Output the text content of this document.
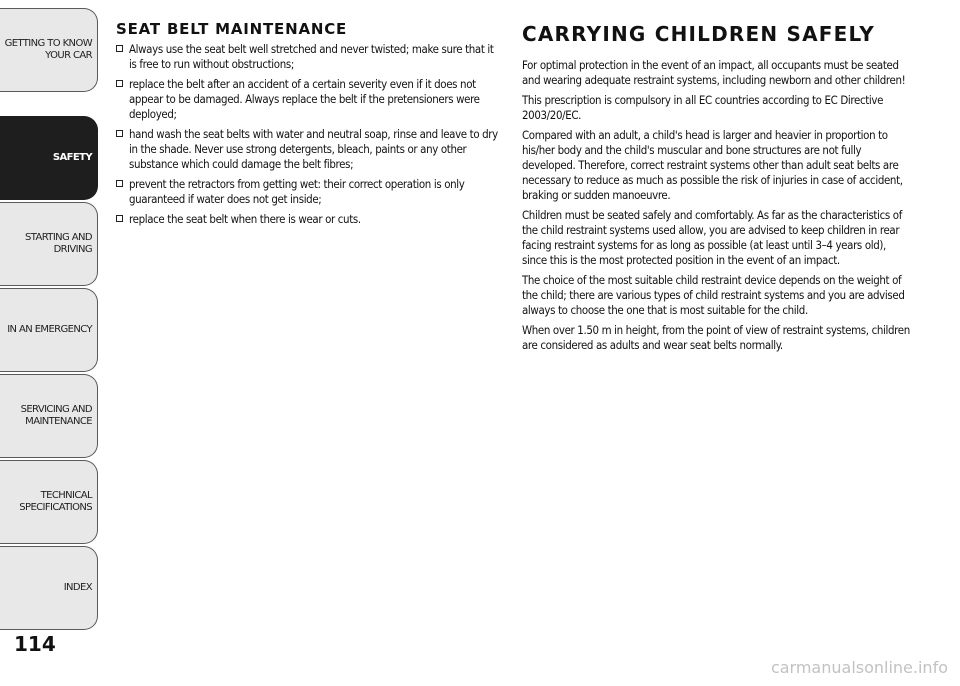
GETTING TO KNOW YOUR CAR
SAFETY
STARTING AND DRIVING
IN AN EMERGENCY
SERVICING AND MAINTENANCE
TECHNICAL SPECIFICATIONS
INDEX
114
SEAT BELT MAINTENANCE
Always use the seat belt well stretched and never twisted; make sure that it is free to run without obstructions;
replace the belt after an accident of a certain severity even if it does not appear to be damaged. Always replace the belt if the pretensioners were deployed;
hand wash the seat belts with water and neutral soap, rinse and leave to dry in the shade. Never use strong detergents, bleach, paints or any other substance which could damage the belt fibres;
prevent the retractors from getting wet: their correct operation is only guaranteed if water does not get inside;
replace the seat belt when there is wear or cuts.
CARRYING CHILDREN SAFELY

For optimal protection in the event of an impact, all occupants must be seated and wearing adequate restraint systems, including newborn and other children!

This prescription is compulsory in all EC countries according to EC Directive 2003/20/EC.

Compared with an adult, a child's head is larger and heavier in proportion to his/her body and the child's muscular and bone structures are not fully developed. Therefore, correct restraint systems other than adult seat belts are necessary to reduce as much as possible the risk of injuries in case of accident, braking or sudden manoeuvre.

Children must be seated safely and comfortably. As far as the characteristics of the child restraint systems used allow, you are advised to keep children in rear facing restraint systems for as long as possible (at least until 3–4 years old), since this is the most protected position in the event of an impact.

The choice of the most suitable child restraint device depends on the weight of the child; there are various types of child restraint systems and you are advised always to choose the one that is most suitable for the child.

When over 1.50 m in height, from the point of view of restraint systems, children are considered as adults and wear seat belts normally.

carmanualsonline.info
